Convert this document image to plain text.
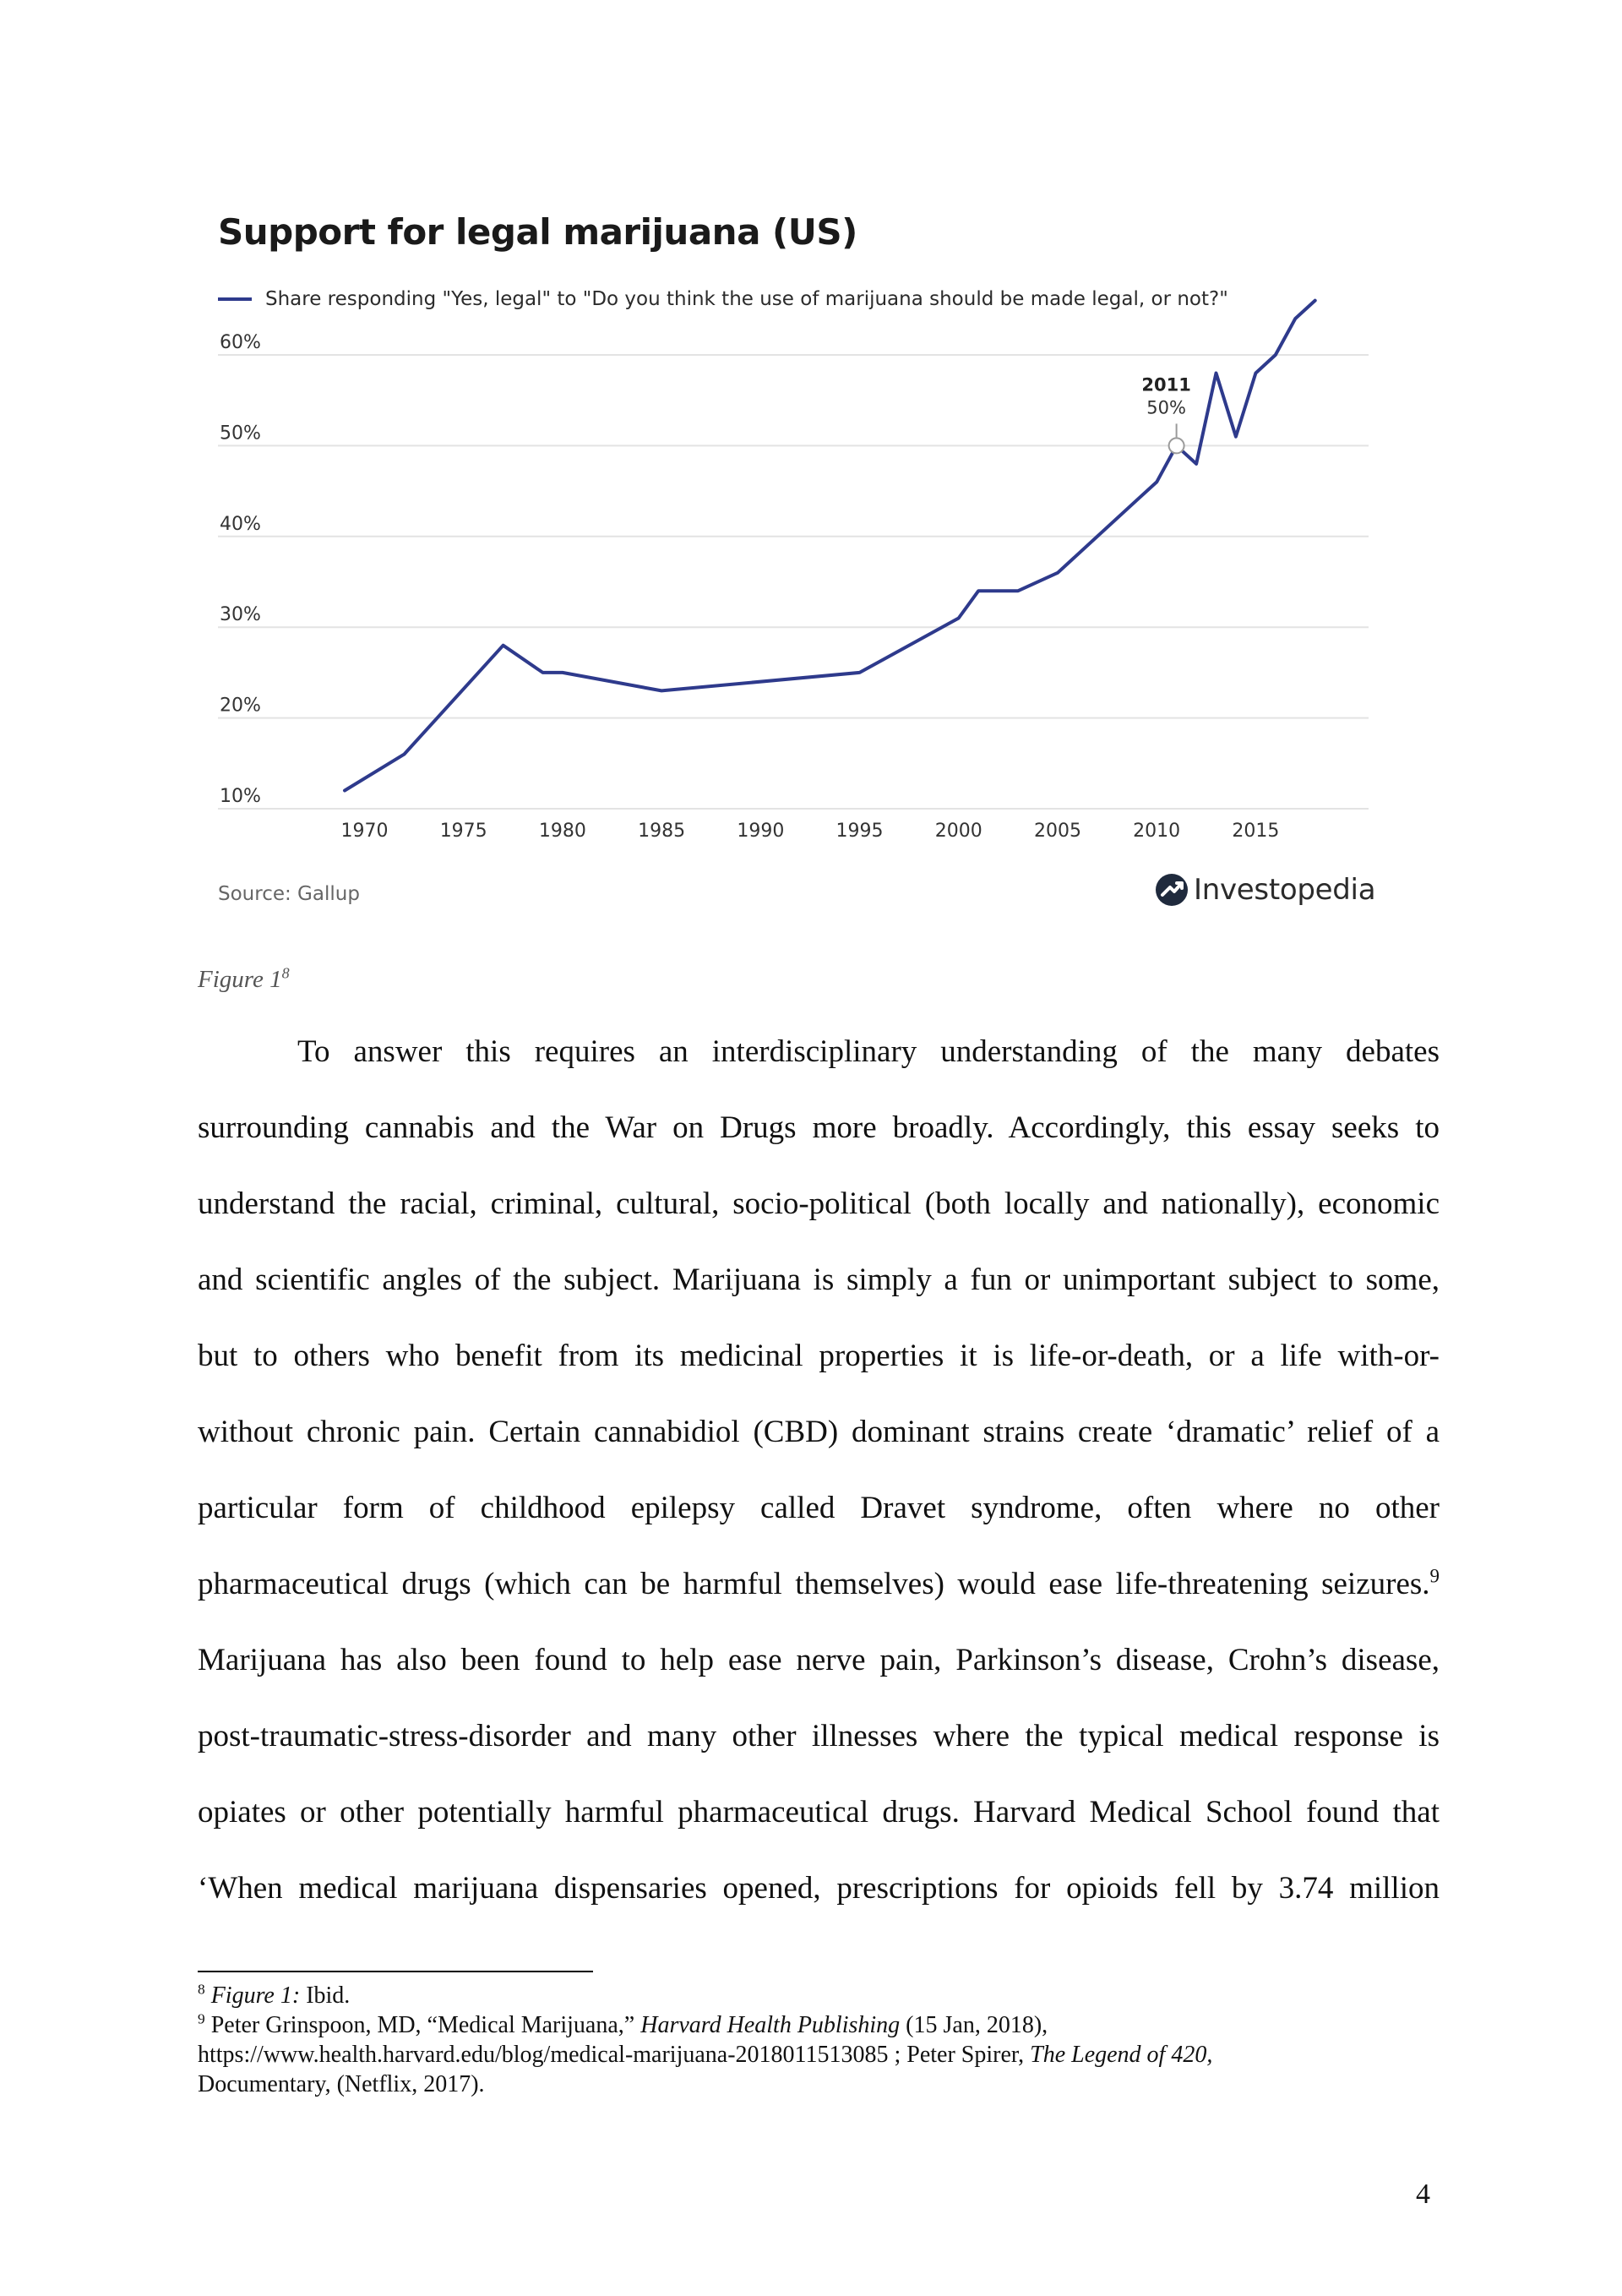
Support for legal marijuana (US)
Share responding "Yes, legal" to "Do you think the use of marijuana should be made legal, or not?"
10%
20%
30%
40%
50%
60%
1970	1975	1980	1985	1990	1995	2000	2005	2010	2015
2011
50%
Source: Gallup	Investopedia
Figure $1^8$
To answer this requires an interdisciplinary understanding of the many debates
surrounding cannabis and the War on Drugs more broadly. Accordingly, this essay seeks to
understand the racial, criminal, cultural, socio-political (both locally and nationally), economic
and scientific angles of the subject. Marijuana is simply a fun or unimportant subject to some,
but to others who benefit from its medicinal properties it is life-or-death, or a life with-or-
without chronic pain. Certain cannabidiol (CBD) dominant strains create ‘dramatic’ relief of a
particular form of childhood epilepsy called Dravet syndrome, often where no other
pharmaceutical drugs (which can be harmful themselves) would ease life-threatening seizures.$^9$
Marijuana has also been found to help ease nerve pain, Parkinson’s disease, Crohn’s disease,
post-traumatic-stress-disorder and many other illnesses where the typical medical response is
opiates or other potentially harmful pharmaceutical drugs. Harvard Medical School found that
‘When medical marijuana dispensaries opened, prescriptions for opioids fell by 3.74 million
$^8$ Figure 1: Ibid.
$^9$ Peter Grinspoon, MD, “Medical Marijuana,” Harvard Health Publishing (15 Jan, 2018),
https://www.health.harvard.edu/blog/medical-marijuana-2018011513085 ; Peter Spirer, The Legend of 420,
Documentary, (Netflix, 2017).
4
